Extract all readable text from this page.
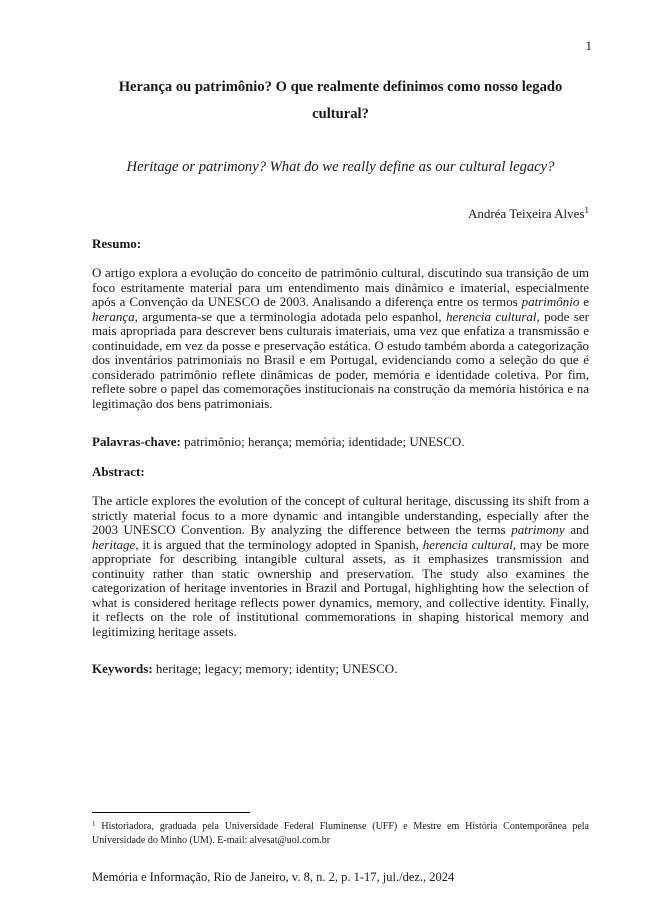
1
Herança ou patrimônio? O que realmente definimos como nosso legado cultural?
Heritage or patrimony? What do we really define as our cultural legacy?
Andréa Teixeira Alves$^1$
Resumo:
O artigo explora a evolução do conceito de patrimônio cultural, discutindo sua transição de um foco estritamente material para um entendimento mais dinâmico e imaterial, especialmente após a Convenção da UNESCO de 2003. Analisando a diferença entre os termos patrimônio e herança, argumenta-se que a terminologia adotada pelo espanhol, herencia cultural, pode ser mais apropriada para descrever bens culturais imateriais, uma vez que enfatiza a transmissão e continuidade, em vez da posse e preservação estática. O estudo também aborda a categorização dos inventários patrimoniais no Brasil e em Portugal, evidenciando como a seleção do que é considerado patrimônio reflete dinâmicas de poder, memória e identidade coletiva. Por fim, reflete sobre o papel das comemorações institucionais na construção da memória histórica e na legitimação dos bens patrimoniais.
Palavras-chave: patrimônio; herança; memória; identidade; UNESCO.
Abstract:
The article explores the evolution of the concept of cultural heritage, discussing its shift from a strictly material focus to a more dynamic and intangible understanding, especially after the 2003 UNESCO Convention. By analyzing the difference between the terms patrimony and heritage, it is argued that the terminology adopted in Spanish, herencia cultural, may be more appropriate for describing intangible cultural assets, as it emphasizes transmission and continuity rather than static ownership and preservation. The study also examines the categorization of heritage inventories in Brazil and Portugal, highlighting how the selection of what is considered heritage reflects power dynamics, memory, and collective identity. Finally, it reflects on the role of institutional commemorations in shaping historical memory and legitimizing heritage assets.
Keywords: heritage; legacy; memory; identity; UNESCO.
$^1$ Historiadora, graduada pela Universidade Federal Fluminense (UFF) e Mestre em História Contemporânea pela Universidade do Minho (UM). E-mail: alvesat@uol.com.br
Memória e Informação, Rio de Janeiro, v. 8, n. 2, p. 1-17, jul./dez., 2024
